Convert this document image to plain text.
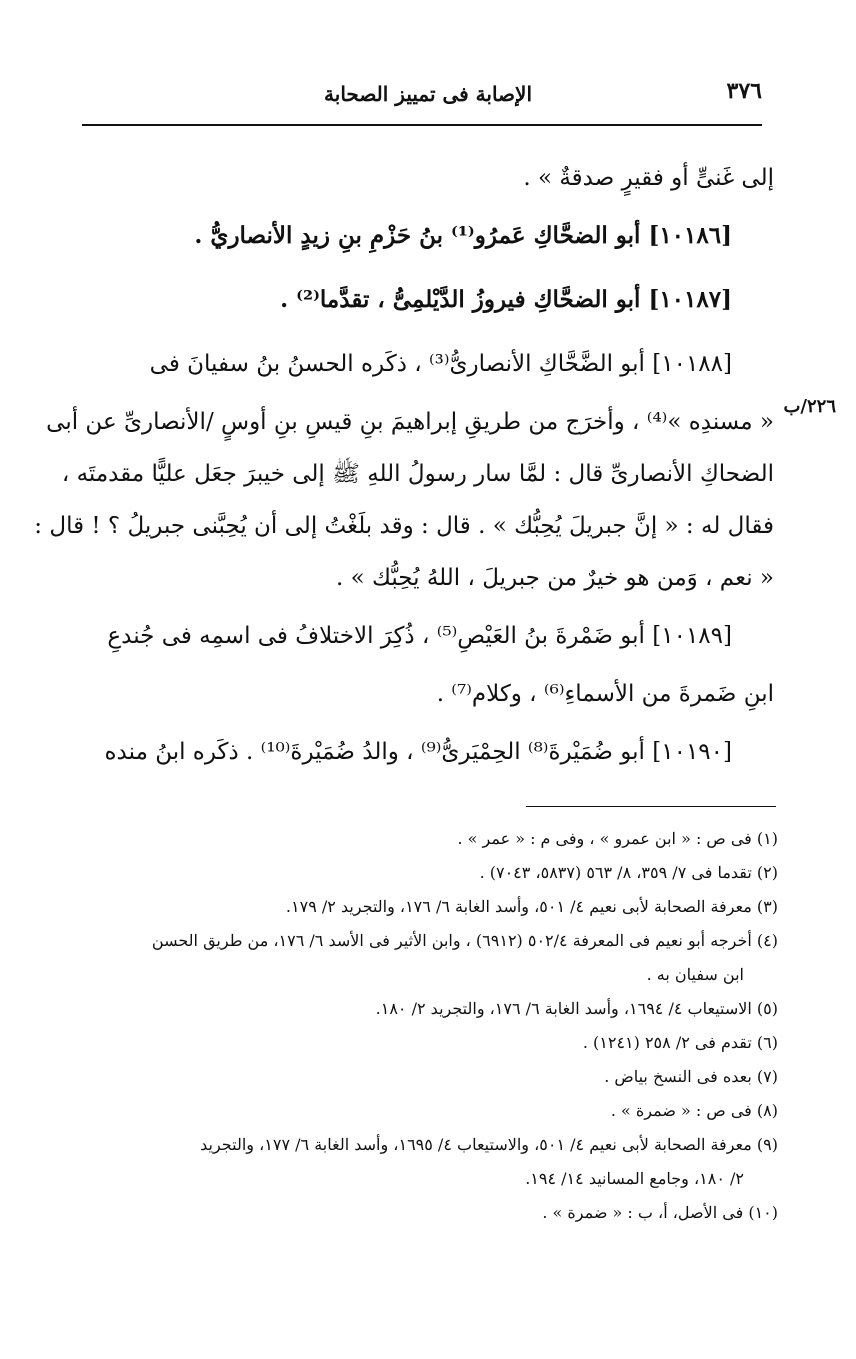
٣٧٦
الإصابة فى تمييز الصحابة
٢٢٦/ب
إلى غَنىٍّ أو فقيرٍ صدقةٌ » .
[١٠١٨٦] أبو الضحَّاكِ عَمرُو⁽¹⁾ بنُ حَزْمِ بنِ زيدٍ الأنصاريُّ .
[١٠١٨٧] أبو الضحَّاكِ فيروزُ الدَّيْلمِىُّ ، تقدَّما⁽²⁾ .
[١٠١٨٨] أبو الضَّحَّاكِ الأنصارىُّ⁽³⁾ ، ذكَره الحسنُ بنُ سفيانَ فى
« مسندِه »⁽⁴⁾ ، وأخرَج من طريقِ إبراهيمَ بنِ قيسِ بنِ أوسٍ /الأنصارىِّ عن أبى
الضحاكِ الأنصارىِّ قال : لمَّا سار رسولُ اللهِ ﷺ إلى خيبرَ جعَل عليًّا مقدمتَه ،
فقال له : « إنَّ جبريلَ يُحِبُّك » . قال : وقد بلَغْتُ إلى أن يُحِبَّنى جبريلُ ؟ ! قال :
« نعم ، وَمن هو خيرٌ من جبريلَ ، اللهُ يُحِبُّك » .
[١٠١٨٩] أبو ضَمْرةَ بنُ العَيْصِ⁽⁵⁾ ، ذُكِرَ الاختلافُ فى اسمِه فى جُندعِ
ابنِ ضَمرةَ من الأسماءِ⁽⁶⁾ ، وكلام⁽⁷⁾ .
[١٠١٩٠] أبو ضُمَيْرةَ⁽⁸⁾ الحِمْيَرىُّ⁽⁹⁾ ، والدُ ضُمَيْرةَ⁽¹⁰⁾ . ذكَره ابنُ منده
(١) فى ص : « ابن عمرو » ، وفى م : « عمر » .
(٢) تقدما فى ٧/ ٣٥٩، ٨/ ٥٦٣ (٥٨٣٧، ٧٠٤٣) .
(٣) معرفة الصحابة لأبى نعيم ٤/ ٥٠١، وأسد الغابة ٦/ ١٧٦، والتجريد ٢/ ١٧٩.
(٤) أخرجه أبو نعيم فى المعرفة ٥٠٢/٤ (٦٩١٢) ، وابن الأثير فى الأسد ٦/ ١٧٦، من طريق الحسن
ابن سفيان به .
(٥) الاستيعاب ٤/ ١٦٩٤، وأسد الغابة ٦/ ١٧٦، والتجريد ٢/ ١٨٠.
(٦) تقدم فى ٢/ ٢٥٨ (١٢٤١) .
(٧) بعده فى النسخ بياض .
(٨) فى ص : « ضمرة » .
(٩) معرفة الصحابة لأبى نعيم ٤/ ٥٠١، والاستيعاب ٤/ ١٦٩٥، وأسد الغابة ٦/ ١٧٧، والتجريد
٢/ ١٨٠، وجامع المسانيد ١٤/ ١٩٤.
(١٠) فى الأصل، أ، ب : « ضمرة » .
